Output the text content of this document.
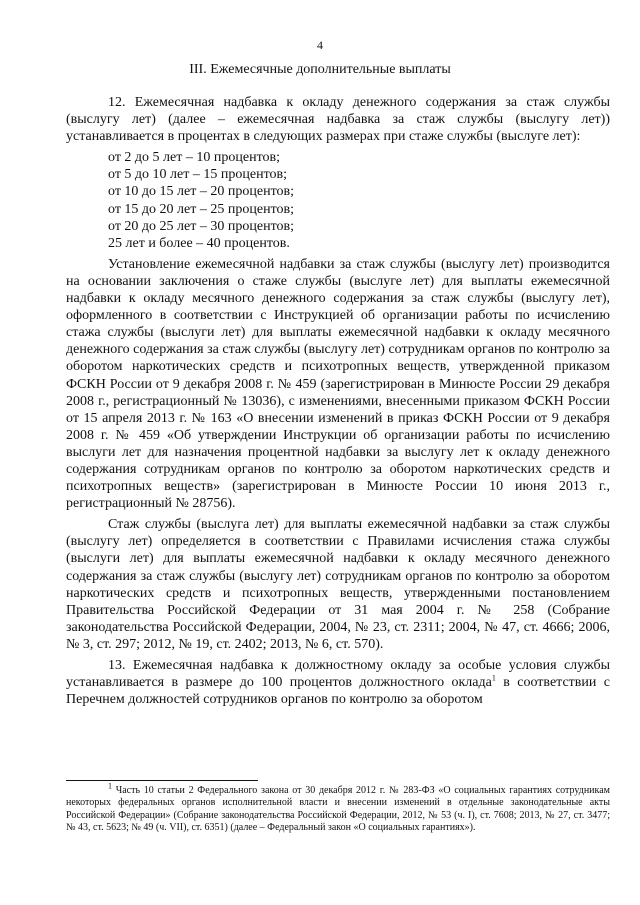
4
III. Ежемесячные дополнительные выплаты

12. Ежемесячная надбавка к окладу денежного содержания за стаж службы (выслугу лет) (далее – ежемесячная надбавка за стаж службы (выслугу лет)) устанавливается в процентах в следующих размерах при стаже службы (выслуге лет):

от 2 до 5 лет – 10 процентов;
от 5 до 10 лет – 15 процентов;
от 10 до 15 лет – 20 процентов;
от 15 до 20 лет – 25 процентов;
от 20 до 25 лет – 30 процентов;
25 лет и более – 40 процентов.

Установление ежемесячной надбавки за стаж службы (выслугу лет) производится на основании заключения о стаже службы (выслуге лет) для выплаты ежемесячной надбавки к окладу месячного денежного содержания за стаж службы (выслугу лет), оформленного в соответствии с Инструкцией об организации работы по исчислению стажа службы (выслуги лет) для выплаты ежемесячной надбавки к окладу месячного денежного содержания за стаж службы (выслугу лет) сотрудникам органов по контролю за оборотом наркотических средств и психотропных веществ, утвержденной приказом ФСКН России от 9 декабря 2008 г. № 459 (зарегистрирован в Минюсте России 29 декабря 2008 г., регистрационный № 13036), с изменениями, внесенными приказом ФСКН России от 15 апреля 2013 г. № 163 «О внесении изменений в приказ ФСКН России от 9 декабря 2008 г. № 459 «Об утверждении Инструкции об организации работы по исчислению выслуги лет для назначения процентной надбавки за выслугу лет к окладу денежного содержания сотрудникам органов по контролю за оборотом наркотических средств и психотропных веществ» (зарегистрирован в Минюсте России 10 июня 2013 г., регистрационный № 28756).

Стаж службы (выслуга лет) для выплаты ежемесячной надбавки за стаж службы (выслугу лет) определяется в соответствии с Правилами исчисления стажа службы (выслуги лет) для выплаты ежемесячной надбавки к окладу месячного денежного содержания за стаж службы (выслугу лет) сотрудникам органов по контролю за оборотом наркотических средств и психотропных веществ, утвержденными постановлением Правительства Российской Федерации от 31 мая 2004 г. № 258 (Собрание законодательства Российской Федерации, 2004, № 23, ст. 2311; 2004, № 47, ст. 4666; 2006, № 3, ст. 297; 2012, № 19, ст. 2402; 2013, № 6, ст. 570).

13. Ежемесячная надбавка к должностному окладу за особые условия службы устанавливается в размере до 100 процентов должностного оклада$^1$ в соответствии с Перечнем должностей сотрудников органов по контролю за оборотом

$^1$ Часть 10 статьи 2 Федерального закона от 30 декабря 2012 г. № 283-ФЗ «О социальных гарантиях сотрудникам некоторых федеральных органов исполнительной власти и внесении изменений в отдельные законодательные акты Российской Федерации» (Собрание законодательства Российской Федерации, 2012, № 53 (ч. I), ст. 7608; 2013, № 27, ст. 3477; № 43, ст. 5623; № 49 (ч. VII), ст. 6351) (далее – Федеральный закон «О социальных гарантиях»).
